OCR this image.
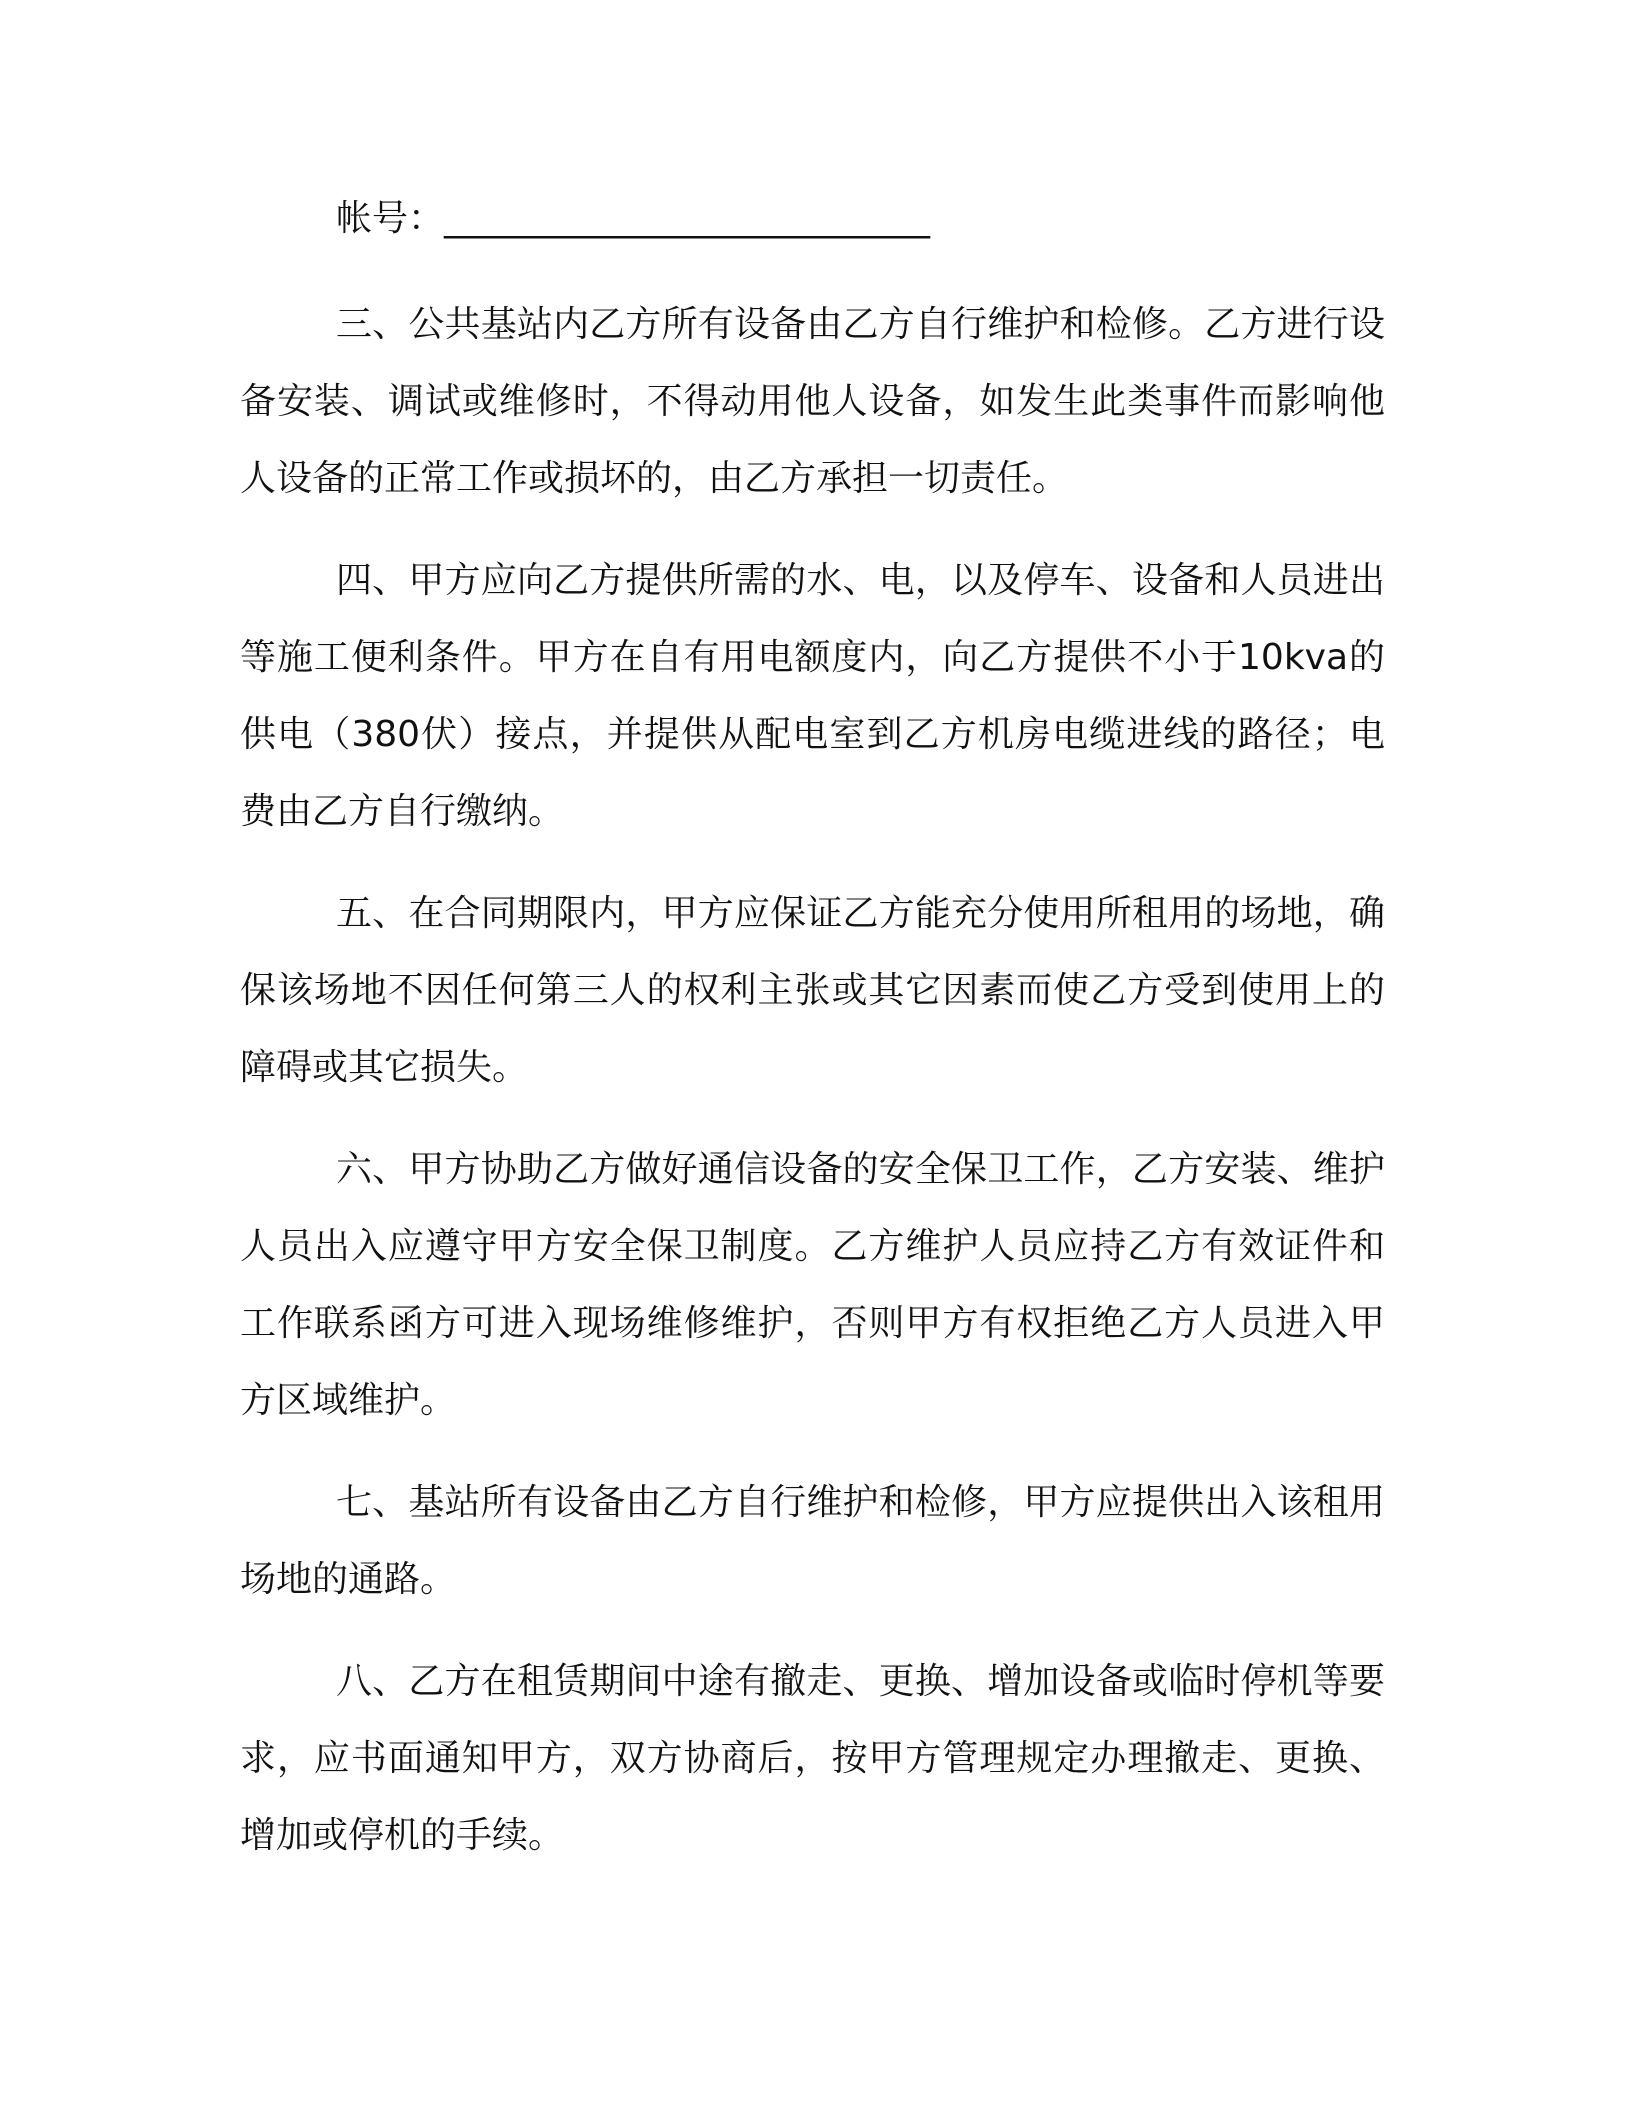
帐号：___________________________

三、公共基站内乙方所有设备由乙方自行维护和检修。乙方进行设备安装、调试或维修时，不得动用他人设备，如发生此类事件而影响他人设备的正常工作或损坏的，由乙方承担一切责任。

四、甲方应向乙方提供所需的水、电，以及停车、设备和人员进出等施工便利条件。甲方在自有用电额度内，向乙方提供不小于10kva的供电（380伏）接点，并提供从配电室到乙方机房电缆进线的路径；电费由乙方自行缴纳。

五、在合同期限内，甲方应保证乙方能充分使用所租用的场地，确保该场地不因任何第三人的权利主张或其它因素而使乙方受到使用上的障碍或其它损失。

六、甲方协助乙方做好通信设备的安全保卫工作，乙方安装、维护人员出入应遵守甲方安全保卫制度。乙方维护人员应持乙方有效证件和工作联系函方可进入现场维修维护，否则甲方有权拒绝乙方人员进入甲方区域维护。

七、基站所有设备由乙方自行维护和检修，甲方应提供出入该租用场地的通路。

八、乙方在租赁期间中途有撤走、更换、增加设备或临时停机等要求，应书面通知甲方，双方协商后，按甲方管理规定办理撤走、更换、增加或停机的手续。
